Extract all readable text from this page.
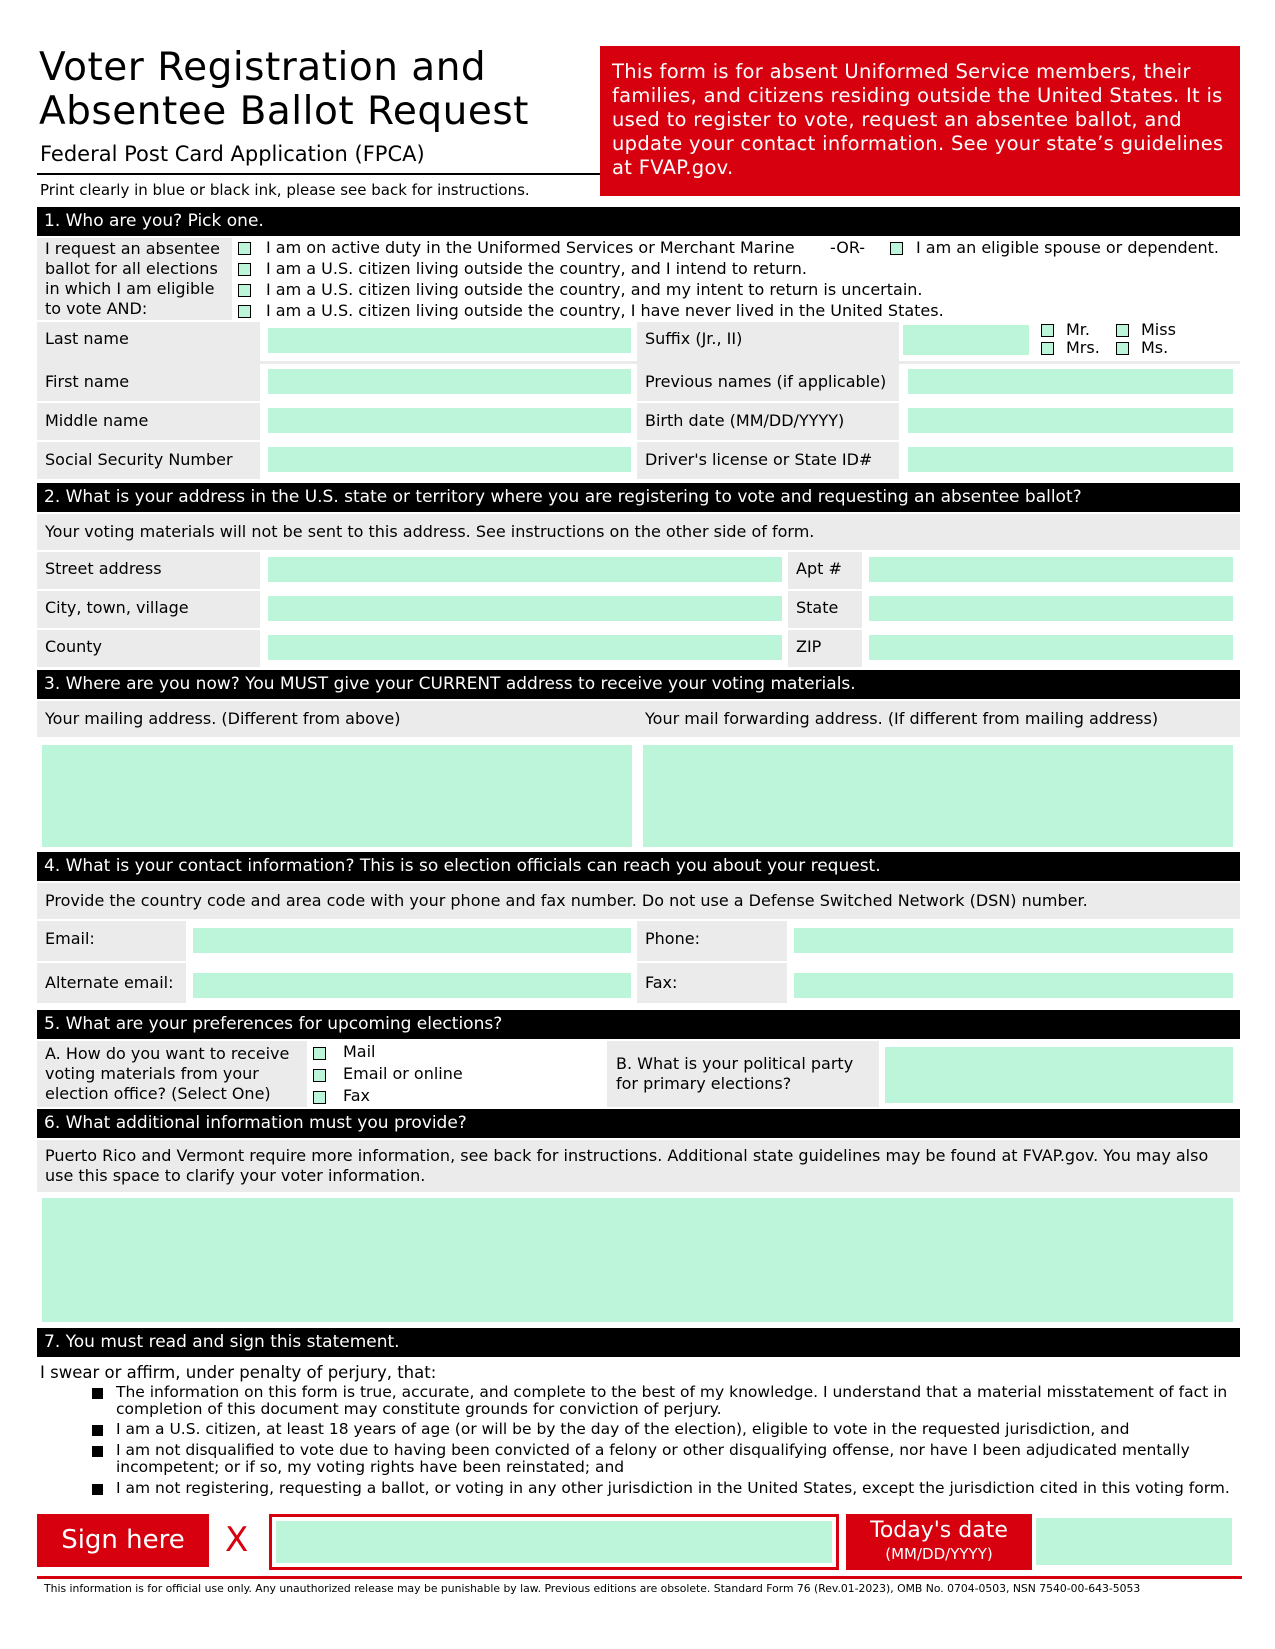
Voter Registration and
Absentee Ballot Request
Federal Post Card Application (FPCA)
Print clearly in blue or black ink, please see back for instructions.
This form is for absent Uniformed Service members, their families, and citizens residing outside the United States. It is used to register to vote, request an absentee ballot, and update your contact information. See your state’s guidelines at FVAP.gov.
1. Who are you? Pick one.
I request an absentee
ballot for all elections
in which I am eligible
to vote AND:
I am on active duty in the Uniformed Services or Merchant Marine -OR-	I am an eligible spouse or dependent.
I am a U.S. citizen living outside the country, and I intend to return.
I am a U.S. citizen living outside the country, and my intent to return is uncertain.
I am a U.S. citizen living outside the country, I have never lived in the United States.
Last name	Suffix (Jr., II)	Mr.	Miss
Mrs.	Ms.
First name	Previous names (if applicable)
Middle name	Birth date (MM/DD/YYYY)
Social Security Number	Driver's license or State ID#
2. What is your address in the U.S. state or territory where you are registering to vote and requesting an absentee ballot?
Your voting materials will not be sent to this address. See instructions on the other side of form.
Street address	Apt #
City, town, village	State
County	ZIP
3. Where are you now? You MUST give your CURRENT address to receive your voting materials.
Your mailing address. (Different from above)	Your mail forwarding address. (If different from mailing address)
4. What is your contact information? This is so election officials can reach you about your request.
Provide the country code and area code with your phone and fax number. Do not use a Defense Switched Network (DSN) number.
Email:	Phone:
Alternate email:	Fax:
5. What are your preferences for upcoming elections?
A. How do you want to receive
voting materials from your
election office? (Select One)
Mail
Email or online
Fax
B. What is your political party
for primary elections?
6. What additional information must you provide?
Puerto Rico and Vermont require more information, see back for instructions. Additional state guidelines may be found at FVAP.gov. You may also use this space to clarify your voter information.
7. You must read and sign this statement.
I swear or affirm, under penalty of perjury, that:
The information on this form is true, accurate, and complete to the best of my knowledge. I understand that a material misstatement of fact in completion of this document may constitute grounds for conviction of perjury.
I am a U.S. citizen, at least 18 years of age (or will be by the day of the election), eligible to vote in the requested jurisdiction, and
I am not disqualified to vote due to having been convicted of a felony or other disqualifying offense, nor have I been adjudicated mentally incompetent; or if so, my voting rights have been reinstated; and
I am not registering, requesting a ballot, or voting in any other jurisdiction in the United States, except the jurisdiction cited in this voting form.
Sign here	X	Today's date
(MM/DD/YYYY)
This information is for official use only. Any unauthorized release may be punishable by law. Previous editions are obsolete. Standard Form 76 (Rev.01-2023), OMB No. 0704-0503, NSN 7540-00-643-5053
